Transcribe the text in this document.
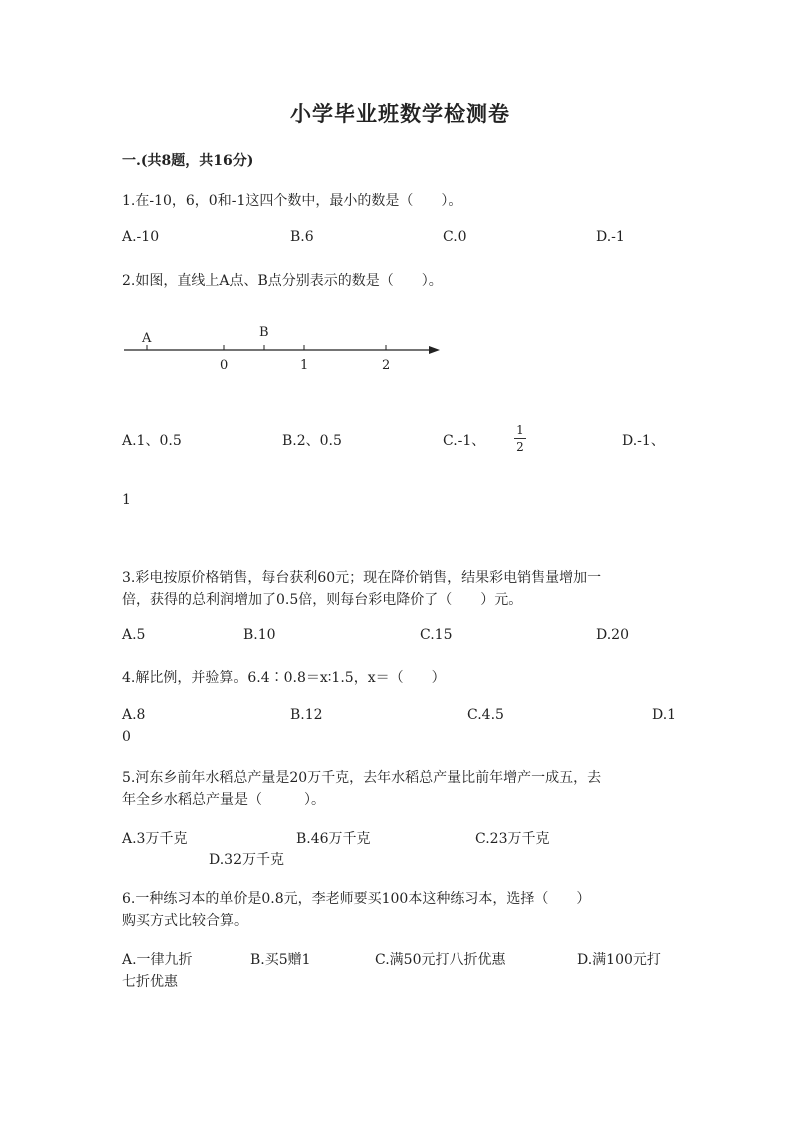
小学毕业班数学检测卷
一.(共8题，共16分)
1.在-10，6，0和-1这四个数中，最小的数是（　　）。
A.-10	B.6	C.0	D.-1
2.如图，直线上A点、B点分别表示的数是（　　）。
A	B
0	1	2
A.1、0.5	B.2、0.5	C.-1、
1
2	D.-1、
1
3.彩电按原价格销售，每台获利60元；现在降价销售，结果彩电销售量增加一
倍，获得的总利润增加了0.5倍，则每台彩电降价了（　　）元。
A.5	B.10	C.15	D.20
4.解比例，并验算。6.4∶0.8＝x∶1.5，x＝（　　）
A.8	B.12	C.4.5	D.1
0
5.河东乡前年水稻总产量是20万千克，去年水稻总产量比前年增产一成五，去
年全乡水稻总产量是（　　　）。
A.3万千克	B.46万千克	C.23万千克
D.32万千克
6.一种练习本的单价是0.8元，李老师要买100本这种练习本，选择（　　）
购买方式比较合算。
A.一律九折	B.买5赠1	C.满50元打八折优惠	D.满100元打
七折优惠
